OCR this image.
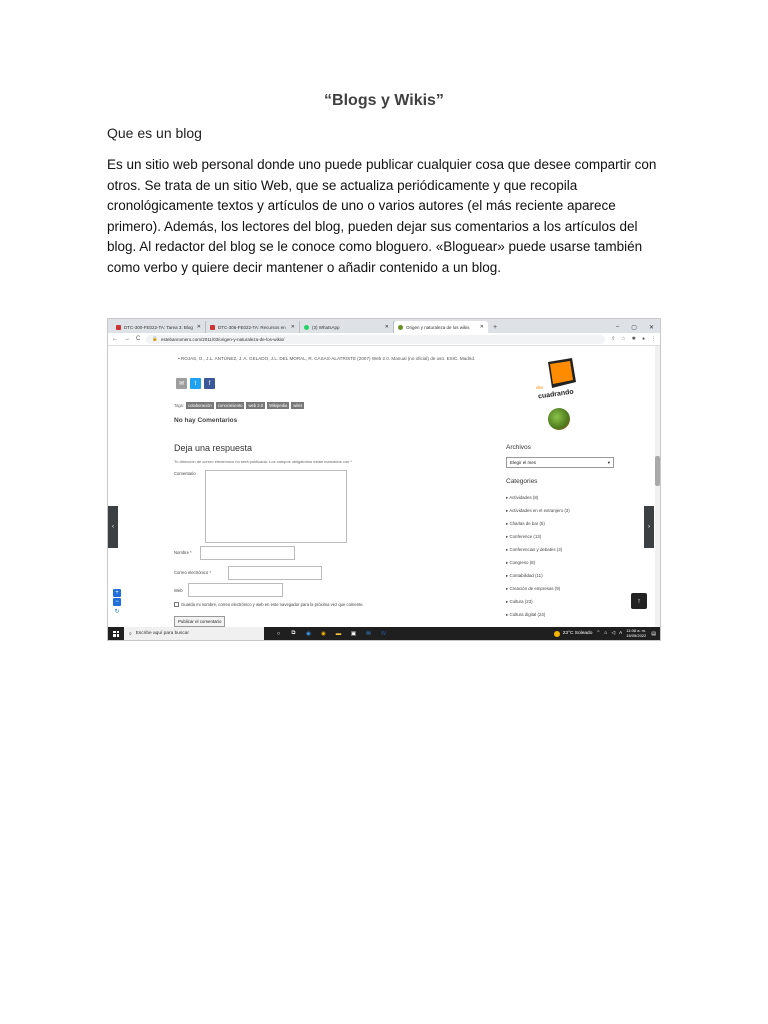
“Blogs y Wikis”
Que es un blog

Es un sitio web personal donde uno puede publicar cualquier cosa que desee compartir con otros. Se trata de un sitio Web, que se actualiza periódicamente y que recopila cronológicamente textos y artículos de uno o varios autores (el más reciente aparece primero). Además, los lectores del blog, pueden dejar sus comentarios a los artículos del blog. Al redactor del blog se le conoce como bloguero. «Bloguear» puede usarse también como verbo y quiere decir mantener o añadir contenido a un blog.

DTC-300-FE022-TA: Tarea 3: Blog ✕	DTC-306-FE022-TA: Recursos en	✕	(3) WhatsApp	✕	Origen y naturaleza de los wikis	✕	+	– ▢ ✕
← → C	🔒 estebanromero.com/2011/03/origen-y-naturaleza-de-los-wikis/	⇪ ☆ ✱ ● ⋮
• ROJAS, O., J.L. ANTÚNEZ, J. A. GELADO, J.L. DEL MORAL, R. CASAS-ALATRISTE (2007) Web 2.0. Manual (no oficial) de uso. ESIC. Madrid.
✉	t	f
Tags: colaboración	conocimiento	web 2.0	Wikipedia	wikis
No hay Comentarios
Deja una respuesta
Tu dirección de correo electrónico no será publicada. Los campos obligatorios están marcados con *
Comentario
Nombre *
Correo electrónico *
Web
Guarda mi nombre, correo electrónico y web en este navegador para la próxima vez que comente.
Publicar el comentario
des
cuadrando
Archivos
Elegir el mes	▾
Categories
▸ Actividades (8)
▸ Actividades en el extranjero (3)
▸ Charlas de bar (6)
▸ Conference (13)
▸ Conferencias y debates (3)
▸ Congreso (8)
▸ Contabilidad (11)
▸ Creación de empresas (9)
▸ Cultura (23)
▸ Cultura digital (24)
‹	›
+
−
↻
↑
⌕ Escribe aquí para buscar	○	⧉	◉	◉	▬	▣	✉	W	23°C Soleado ⌃ ⌂ ◁ A
11:08 a. m.
15/05/2022 ▤
